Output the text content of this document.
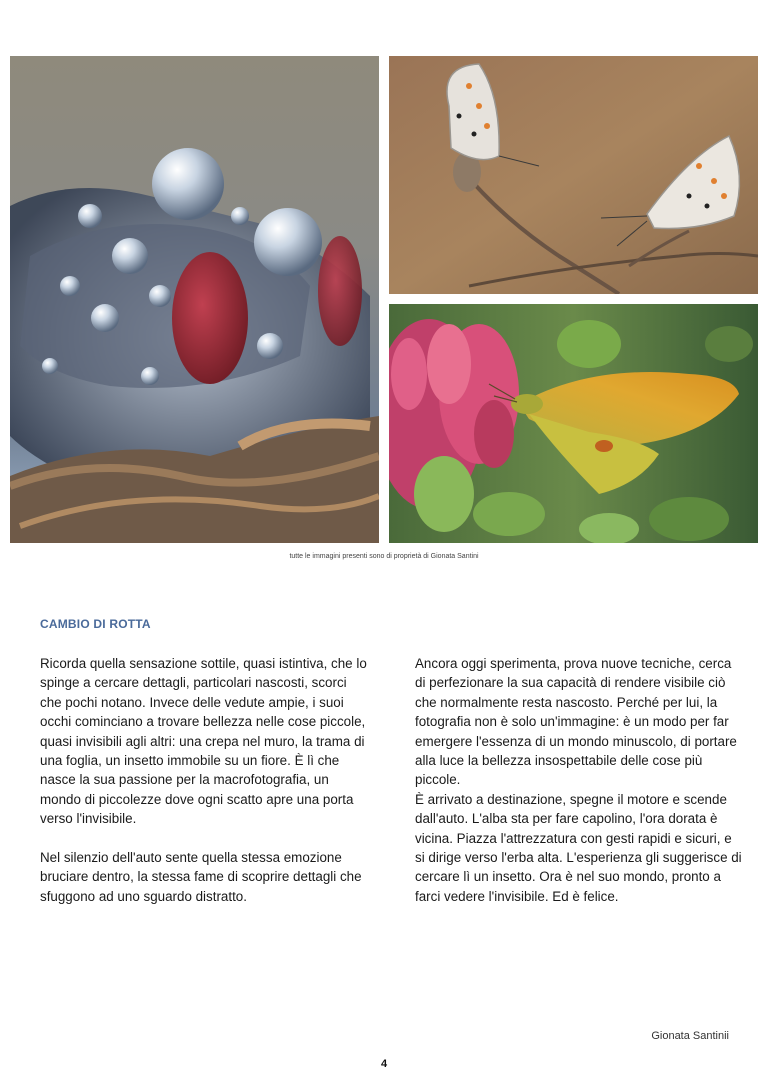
tutte le immagini presenti sono di proprietà di Gionata Santini
CAMBIO DI ROTTA

Ricorda quella sensazione sottile, quasi istintiva, che lo spinge a cercare dettagli, particolari nascosti, scorci che pochi notano. Invece delle vedute ampie, i suoi occhi cominciano a trovare bellezza nelle cose piccole, quasi invisibili agli altri: una crepa nel muro, la trama di una foglia, un insetto immobile su un fiore. È lì che nasce la sua passione per la macrofotografia, un mondo di piccolezze dove ogni scatto apre una porta verso l'invisibile.

Nel silenzio dell'auto sente quella stessa emozione bruciare dentro, la stessa fame di scoprire dettagli che sfuggono ad uno sguardo distratto.

Ancora oggi sperimenta, prova nuove tecniche, cerca di perfezionare la sua capacità di rendere visibile ciò che normalmente resta nascosto. Perché per lui, la fotografia non è solo un'immagine: è un modo per far emergere l'essenza di un mondo minuscolo, di portare alla luce la bellezza insospettabile delle cose più piccole.

È arrivato a destinazione, spegne il motore e scende dall'auto. L'alba sta per fare capolino, l'ora dorata è vicina. Piazza l'attrezzatura con gesti rapidi e sicuri, e
si dirige verso l'erba alta. L'esperienza gli suggerisce di cercare lì un insetto. Ora è nel suo mondo, pronto a farci vedere l'invisibile. Ed è felice.
Gionata Santinii
4
